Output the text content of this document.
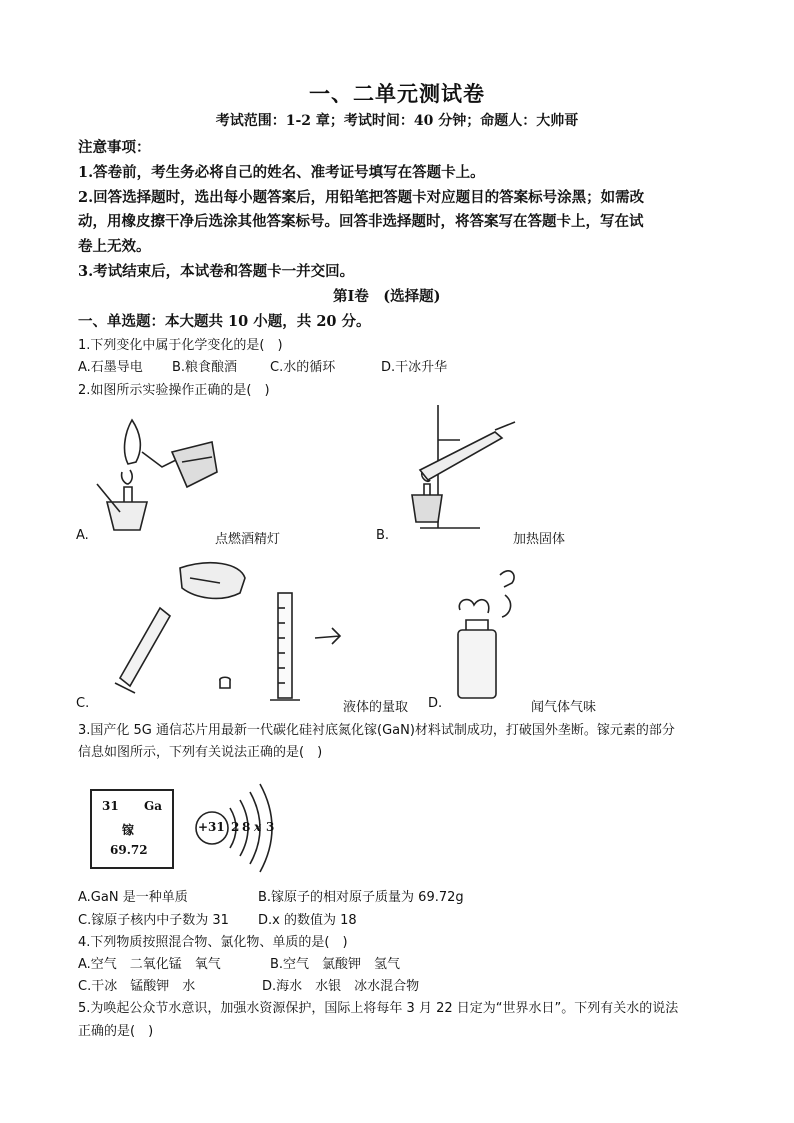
一、二单元测试卷
考试范围：1-2 章；考试时间：40 分钟；命题人：大帅哥
注意事项：
1.答卷前，考生务必将自己的姓名、准考证号填写在答题卡上。
2.回答选择题时，选出每小题答案后，用铅笔把答题卡对应题目的答案标号涂黑；如需改
动，用橡皮擦干净后选涂其他答案标号。回答非选择题时，将答案写在答题卡上，写在试
卷上无效。
3.考试结束后，本试卷和答题卡一并交回。
第Ⅰ卷　(选择题)
一、单选题：本大题共 10 小题，共 20 分。
1.下列变化中属于化学变化的是(　)
A.石墨导电 B.粮食酿酒	C.水的循环	D.干冰升华
2.如图所示实验操作正确的是(　)
A.	点燃酒精灯	B.	加热固体
C.	液体的量取 D.	闻气体气味
3.国产化 5G 通信芯片用最新一代碳化硅衬底氮化镓(GaN)材料试制成功，打破国外垄断。镓元素的部分
信息如图所示，下列有关说法正确的是(　)
31 Ga
镓
69.72
+31 2 8 x 3
A.GaN 是一种单质	B.镓原子的相对原子质量为 69.72g
C.镓原子核内中子数为 31 D.x 的数值为 18
4.下列物质按照混合物、氯化物、单质的是(　)
A.空气　二氧化锰　氧气	B.空气　氯酸钾　氢气
C.干冰　锰酸钾　水	D.海水　水银　冰水混合物
5.为唤起公众节水意识，加强水资源保护，国际上将每年 3 月 22 日定为“世界水日”。下列有关水的说法
正确的是(　)
